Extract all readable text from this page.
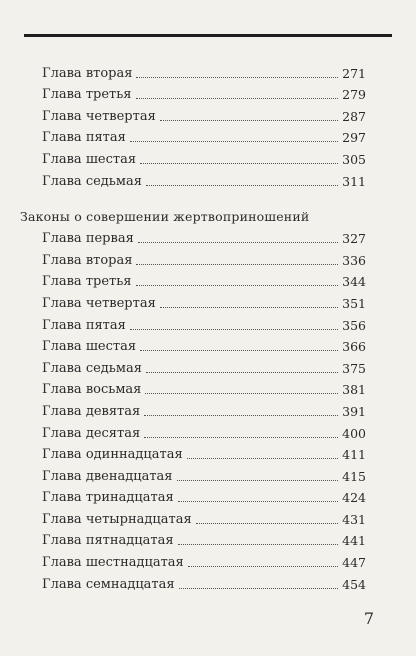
Глава вторая	271
Глава третья	279
Глава четвертая	287
Глава пятая	297
Глава шестая	305
Глава седьмая	311
Законы о совершении жертвоприношений
Глава первая	327
Глава вторая	336
Глава третья	344
Глава четвертая	351
Глава пятая	356
Глава шестая	366
Глава седьмая	375
Глава восьмая	381
Глава девятая	391
Глава десятая	400
Глава одиннадцатая	411
Глава двенадцатая	415
Глава тринадцатая	424
Глава четырнадцатая	431
Глава пятнадцатая	441
Глава шестнадцатая	447
Глава семнадцатая	454
7
